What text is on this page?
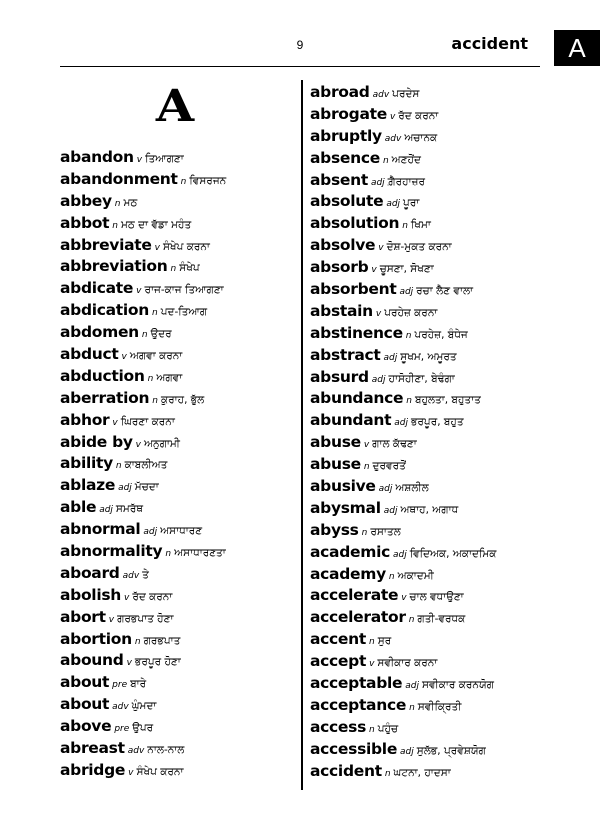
9	accident	A
A
abandon v ਤਿਆਗਣਾ
abandonment n ਵਿਸਰਜਨ
abbey n ਮਠ
abbot n ਮਠ ਦਾ ਵੱਡਾ ਮਹੰਤ
abbreviate v ਸੰਖੇਪ ਕਰਨਾ
abbreviation n ਸੰਖੇਪ
abdicate v ਰਾਜ-ਕਾਜ ਤਿਆਗਣਾ
abdication n ਪਦ-ਤਿਆਗ
abdomen n ਉਦਰ
abduct v ਅਗਵਾ ਕਰਨਾ
abduction n ਅਗਵਾ
aberration n ਕੁਰਾਹ, ਭੁੱਲ
abhor v ਘਿਰਣਾ ਕਰਨਾ
abide by v ਅਨੁਗਾਮੀ
ability n ਕਾਬਲੀਅਤ
ablaze adj ਮੱਚਦਾ
able adj ਸਮਰੱਥ
abnormal adj ਅਸਾਧਾਰਣ
abnormality n ਅਸਾਧਾਰਣਤਾ
aboard adv ਤੇ
abolish v ਰੱਦ ਕਰਨਾ
abort v ਗਰਭਪਾਤ ਹੋਣਾ
abortion n ਗਰਭਪਾਤ
abound v ਭਰਪੂਰ ਹੋਣਾ
about pre ਬਾਰੇ
about adv ਘੁੰਮਦਾ
above pre ਉਪਰ
abreast adv ਨਾਲ-ਨਾਲ
abridge v ਸੰਖੇਪ ਕਰਨਾ
abroad adv ਪਰਦੇਸ
abrogate v ਰੱਦ ਕਰਨਾ
abruptly adv ਅਚਾਨਕ
absence n ਅਣਹੋਂਦ
absent adj ਗ਼ੈਰਹਾਜ਼ਰ
absolute adj ਪੂਰਾ
absolution n ਖਿਮਾ
absolve v ਦੋਸ਼-ਮੁਕਤ ਕਰਨਾ
absorb v ਚੂਸਣਾ, ਸੋਖਣਾ
absorbent adj ਰਚਾ ਲੈਣ ਵਾਲਾ
abstain v ਪਰਹੇਜ਼ ਕਰਨਾ
abstinence n ਪਰਹੇਜ਼, ਬੰਧੇਜ
abstract adj ਸੂਖਮ, ਅਮੂਰਤ
absurd adj ਹਾਸੋਹੀਣਾ, ਬੇਢੰਗਾ
abundance n ਬਹੁਲਤਾ, ਬਹੁਤਾਤ
abundant adj ਭਰਪੂਰ, ਬਹੁਤ
abuse v ਗਾਲ ਕੱਢਣਾ
abuse n ਦੁਰਵਰਤੋਂ
abusive adj ਅਸ਼ਲੀਲ
abysmal adj ਅਥਾਹ, ਅਗਾਧ
abyss n ਰਸਾਤਲ
academic adj ਵਿਦਿਅਕ, ਅਕਾਦਮਿਕ
academy n ਅਕਾਦਮੀ
accelerate v ਚਾਲ ਵਧਾਉਣਾ
accelerator n ਗਤੀ-ਵਰਧਕ
accent n ਸੁਰ
accept v ਸਵੀਕਾਰ ਕਰਨਾ
acceptable adj ਸਵੀਕਾਰ ਕਰਨਯੋਗ
acceptance n ਸਵੀਕ੍ਰਿਤੀ
access n ਪਹੁੰਚ
accessible adj ਸੁਲੱਭ, ਪ੍ਰਵੇਸ਼ਯੋਗ
accident n ਘਟਨਾ, ਹਾਦਸਾ
